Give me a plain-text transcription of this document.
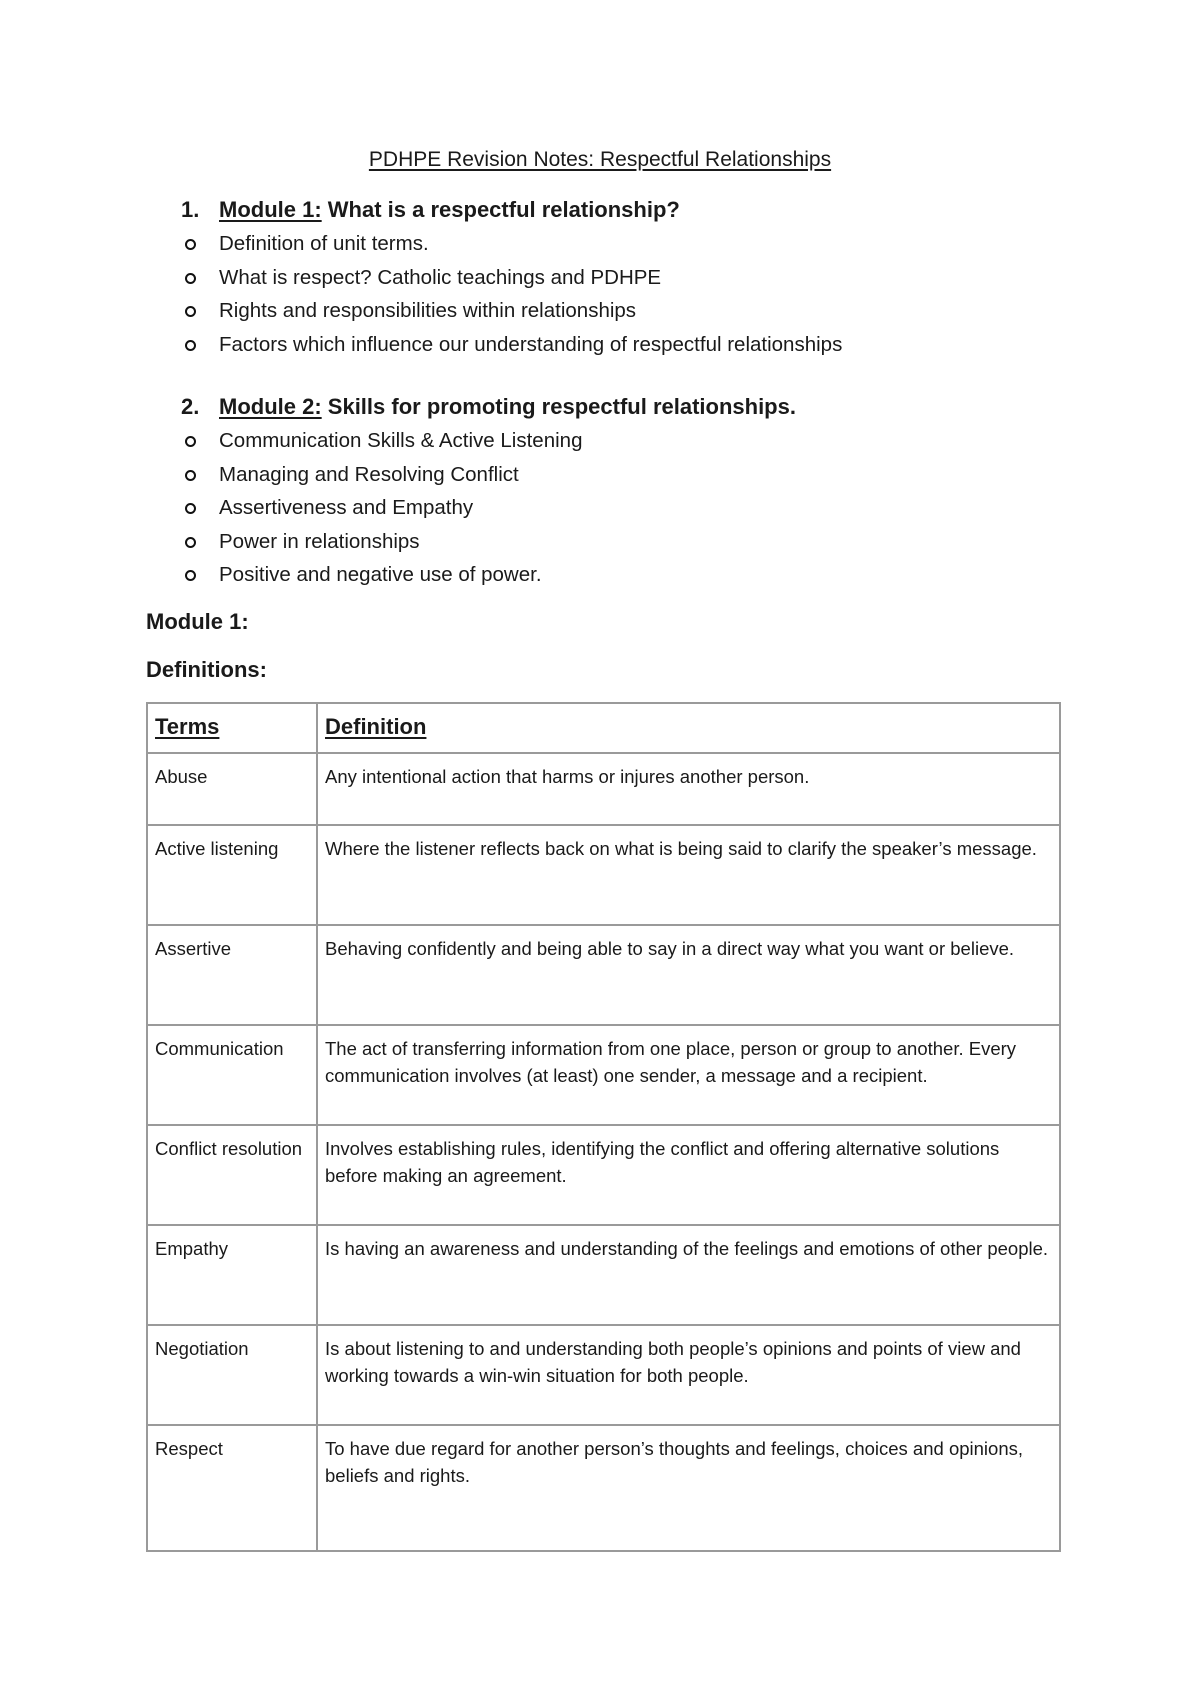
PDHPE Revision Notes: Respectful Relationships
1. Module 1: What is a respectful relationship?
Definition of unit terms.
What is respect? Catholic teachings and PDHPE
Rights and responsibilities within relationships
Factors which influence our understanding of respectful relationships
2. Module 2: Skills for promoting respectful relationships.
Communication Skills & Active Listening
Managing and Resolving Conflict
Assertiveness and Empathy
Power in relationships
Positive and negative use of power.
Module 1:
Definitions:
Terms	Definition
Abuse	Any intentional action that harms or injures another person.
Active listening	Where the listener reflects back on what is being said to clarify the speaker’s message.
Assertive	Behaving confidently and being able to say in a direct way what you want or believe.
Communication	The act of transferring information from one place, person or group to another. Every communication involves (at least) one sender, a message and a recipient.
Conflict resolution	Involves establishing rules, identifying the conflict and offering alternative solutions before making an agreement.
Empathy	Is having an awareness and understanding of the feelings and emotions of other people.
Negotiation	Is about listening to and understanding both people’s opinions and points of view and working towards a win-win situation for both people.
Respect	To have due regard for another person’s thoughts and feelings, choices and opinions, beliefs and rights.
